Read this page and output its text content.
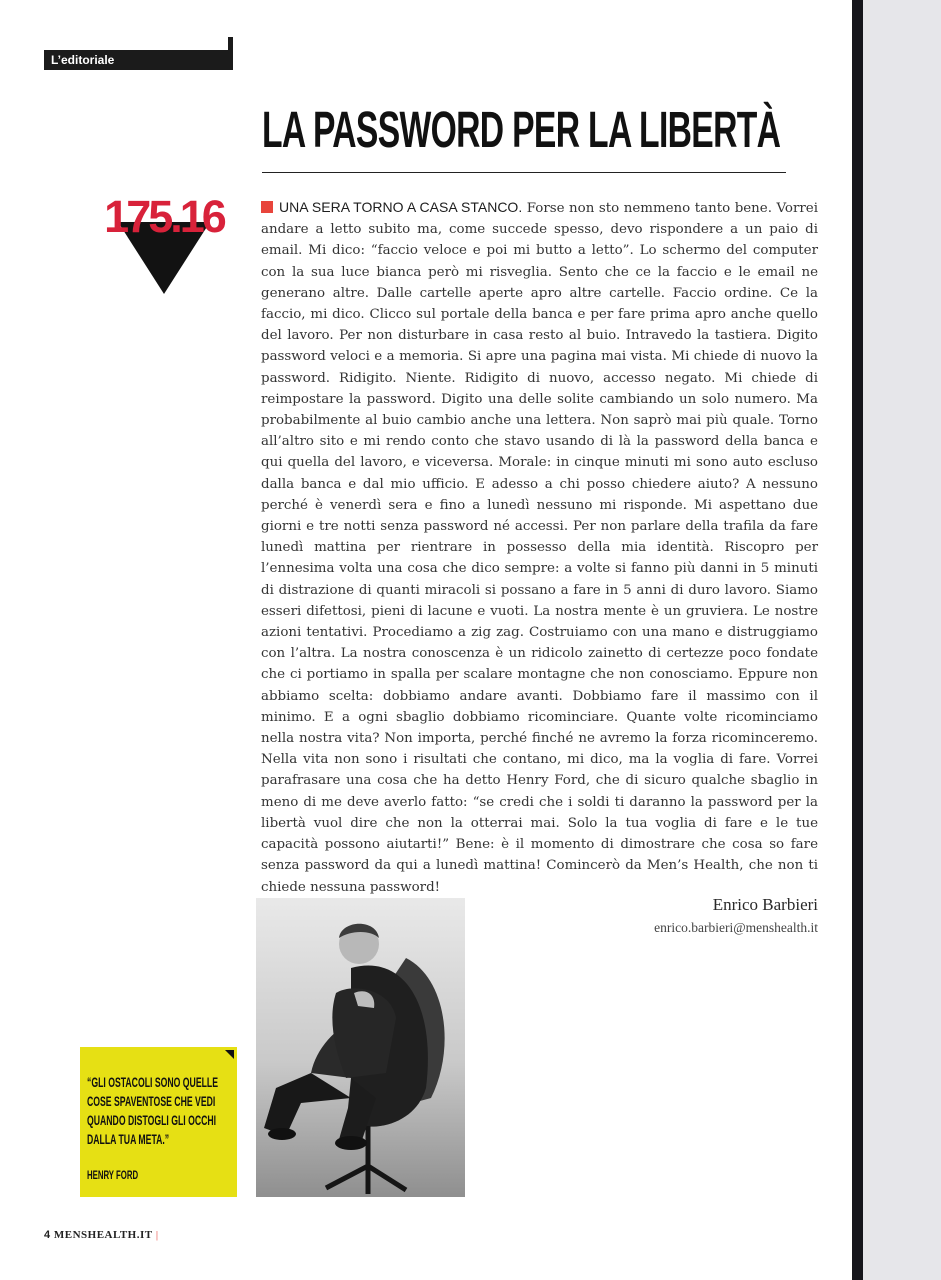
L’editoriale
LA PASSWORD PER LA LIBERTÀ
175.16	UNA SERA TORNO A CASA STANCO. Forse non sto nemmeno tanto bene. Vorrei andare a letto subito ma, come succede spesso, devo rispondere a un paio di email. Mi dico: “faccio veloce e poi mi butto a letto”. Lo schermo del computer con la sua luce bianca però mi risveglia. Sento che ce la faccio e le email ne generano altre. Dalle cartelle aperte apro altre cartelle. Faccio ordine. Ce la faccio, mi dico. Clicco sul portale della banca e per fare prima apro anche quello del lavoro. Per non disturbare in casa resto al buio. Intravedo la tastiera. Digito password veloci e a memoria. Si apre una pagina mai vista. Mi chiede di nuovo la password. Ridigito. Niente. Ridigito di nuovo, accesso negato. Mi chiede di reimpostare la password. Digito una delle solite cambiando un solo numero. Ma probabilmente al buio cambio anche una lettera. Non saprò mai più quale. Torno all’altro sito e mi rendo conto che stavo usando di là la password della banca e qui quella del lavoro, e viceversa. Morale: in cinque minuti mi sono auto escluso dalla banca e dal mio ufficio. E adesso a chi posso chiedere aiuto? A nessuno perché è venerdì sera e fino a lunedì nessuno mi risponde. Mi aspettano due giorni e tre notti senza password né accessi. Per non parlare della trafila da fare lunedì mattina per rientrare in possesso della mia identità. Riscopro per l’ennesima volta una cosa che dico sempre: a volte si fanno più danni in 5 minuti di distrazione di quanti miracoli si possano a fare in 5 anni di duro lavoro. Siamo esseri difettosi, pieni di lacune e vuoti. La nostra mente è un gruviera. Le nostre azioni tentativi. Procediamo a zig zag. Costruiamo con una mano e distruggiamo con l’altra. La nostra conoscenza è un ridicolo zainetto di certezze poco fondate che ci portiamo in spalla per scalare montagne che non conosciamo. Eppure non abbiamo scelta: dobbiamo andare avanti. Dobbiamo fare il massimo con il minimo. E a ogni sbaglio dobbiamo ricominciare. Quante volte ricominciamo nella nostra vita? Non importa, perché finché ne avremo la forza ricominceremo. Nella vita non sono i risultati che contano, mi dico, ma la voglia di fare. Vorrei parafrasare una cosa che ha detto Henry Ford, che di sicuro qualche sbaglio in meno di me deve averlo fatto: “se credi che i soldi ti daranno la password per la libertà vuol dire che non la otterrai mai. Solo la tua voglia di fare e le tue capacità possono aiutarti!” Bene: è il momento di dimostrare che cosa so fare senza password da qui a lunedì mattina! Comincerò da Men’s Health, che non ti chiede nessuna password!

Enrico Barbieri
enrico.barbieri@menshealth.it
“GLI OSTACOLI SONO QUELLE COSE SPAVENTOSE CHE VEDI QUANDO DISTOGLI GLI OCCHI DALLA TUA META.”
HENRY FORD
4 MENSHEALTH.IT |
